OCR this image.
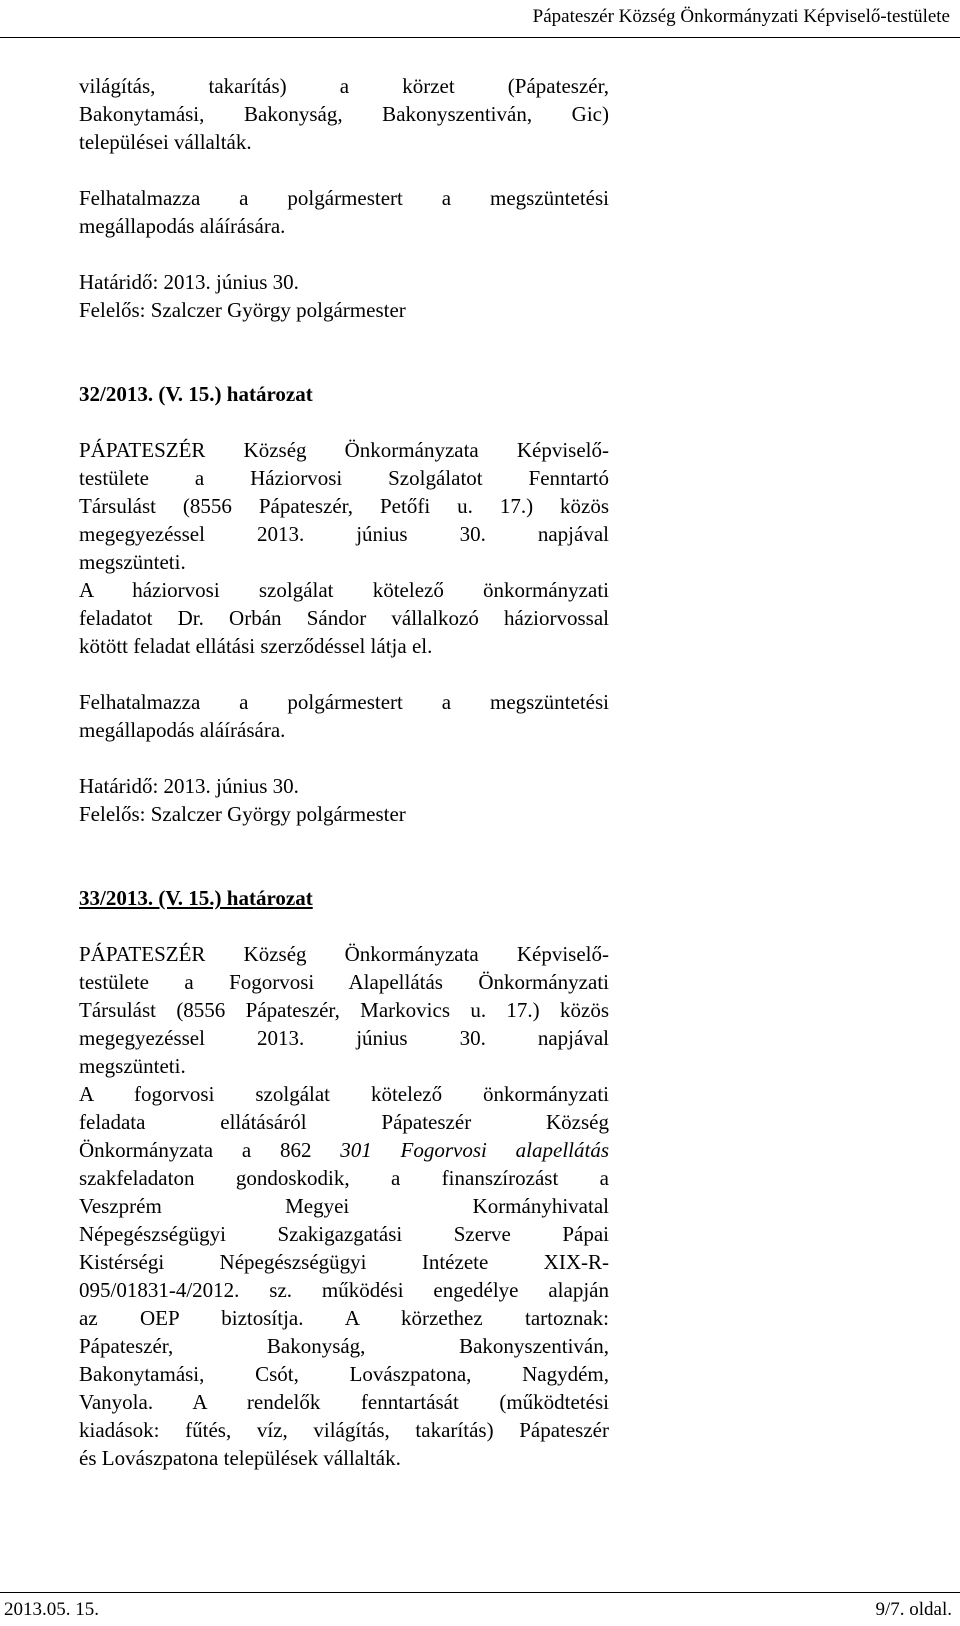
Pápateszér Község Önkormányzati Képviselő-testülete

világítás, takarítás) a körzet (Pápateszér,

Bakonytamási, Bakonyság, Bakonyszentiván, Gic)

települései vállalták.

Felhatalmazza a polgármestert a megszüntetési

megállapodás aláírására.

Határidő: 2013. június 30.

Felelős: Szalczer György polgármester

32/2013. (V. 15.) határozat

PÁPATESZÉR Község Önkormányzata Képviselő-

testülete a Háziorvosi Szolgálatot Fenntartó

Társulást (8556 Pápateszér, Petőfi u. 17.) közös

megegyezéssel 2013. június 30. napjával

megszünteti.

A háziorvosi szolgálat kötelező önkormányzati

feladatot Dr. Orbán Sándor vállalkozó háziorvossal

kötött feladat ellátási szerződéssel látja el.

Felhatalmazza a polgármestert a megszüntetési

megállapodás aláírására.

Határidő: 2013. június 30.

Felelős: Szalczer György polgármester

33/2013. (V. 15.) határozat

PÁPATESZÉR Község Önkormányzata Képviselő-

testülete a Fogorvosi Alapellátás Önkormányzati

Társulást (8556 Pápateszér, Markovics u. 17.) közös

megegyezéssel 2013. június 30. napjával

megszünteti.

A fogorvosi szolgálat kötelező önkormányzati

feladata ellátásáról Pápateszér Község

Önkormányzata a 862 301 Fogorvosi alapellátás

szakfeladaton gondoskodik, a finanszírozást a

Veszprém Megyei Kormányhivatal

Népegészségügyi Szakigazgatási Szerve Pápai

Kistérségi Népegészségügyi Intézete XIX-R-

095/01831-4/2012. sz. működési engedélye alapján

az OEP biztosítja. A körzethez tartoznak:

Pápateszér, Bakonyság, Bakonyszentiván,

Bakonytamási, Csót, Lovászpatona, Nagydém,

Vanyola. A rendelők fenntartását (működtetési

kiadások: fűtés, víz, világítás, takarítás) Pápateszér

és Lovászpatona települések vállalták.

2013.05. 15.	9/7. oldal.
